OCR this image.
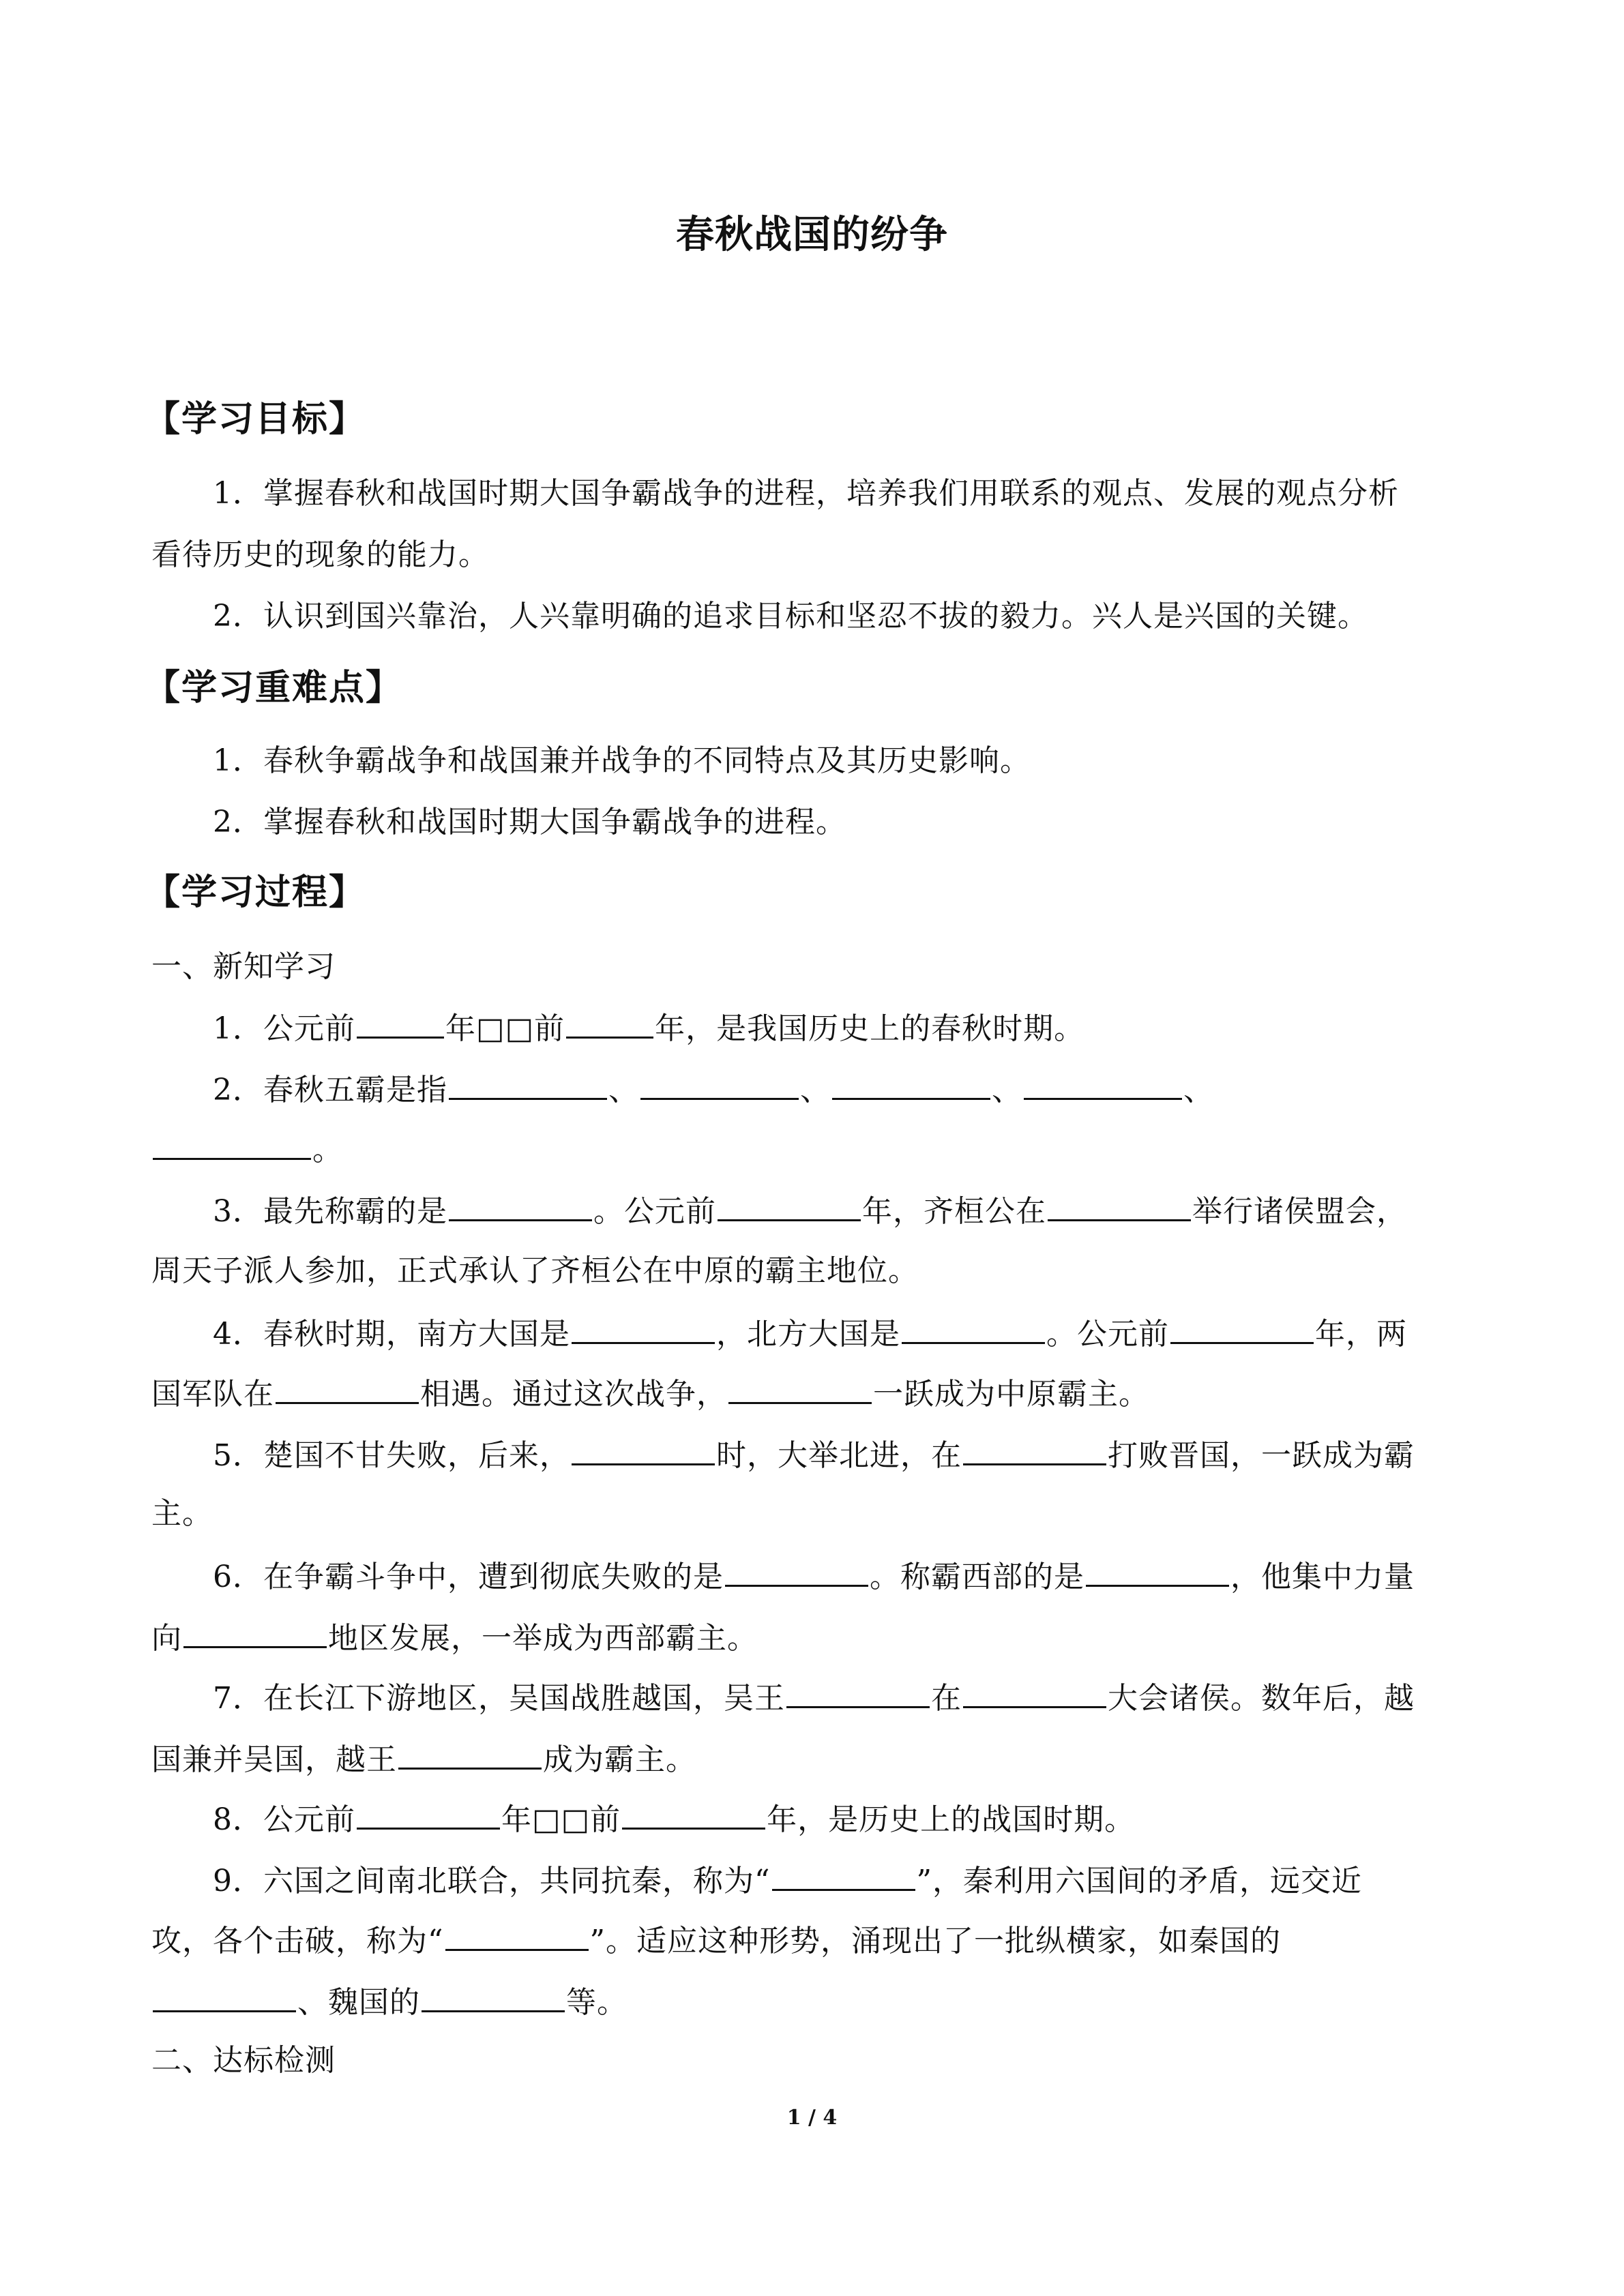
春秋战国的纷争
【学习目标】
1．掌握春秋和战国时期大国争霸战争的进程，培养我们用联系的观点、发展的观点分析
看待历史的现象的能力。
2．认识到国兴靠治，人兴靠明确的追求目标和坚忍不拔的毅力。兴人是兴国的关键。
【学习重难点】
1．春秋争霸战争和战国兼并战争的不同特点及其历史影响。
2．掌握春秋和战国时期大国争霸战争的进程。
【学习过程】
一、新知学习
1．公元前	年□□前	年，是我国历史上的春秋时期。
2．春秋五霸是指	、	、	、	、
。
3．最先称霸的是	。公元前	年，齐桓公在	举行诸侯盟会，
周天子派人参加，正式承认了齐桓公在中原的霸主地位。
4．春秋时期，南方大国是	，北方大国是	。公元前	年，两
国军队在	相遇。通过这次战争，	一跃成为中原霸主。
5．楚国不甘失败，后来，	时，大举北进，在	打败晋国，一跃成为霸
主。
6．在争霸斗争中，遭到彻底失败的是	。称霸西部的是	，他集中力量
向	地区发展，一举成为西部霸主。
7．在长江下游地区，吴国战胜越国，吴王	在	大会诸侯。数年后，越
国兼并吴国，越王	成为霸主。
8．公元前	年□□前	年，是历史上的战国时期。
9．六国之间南北联合，共同抗秦，称为“	”，秦利用六国间的矛盾，远交近
攻，各个击破，称为“	”。适应这种形势，涌现出了一批纵横家，如秦国的
、魏国的	等。
二、达标检测
1 / 4
